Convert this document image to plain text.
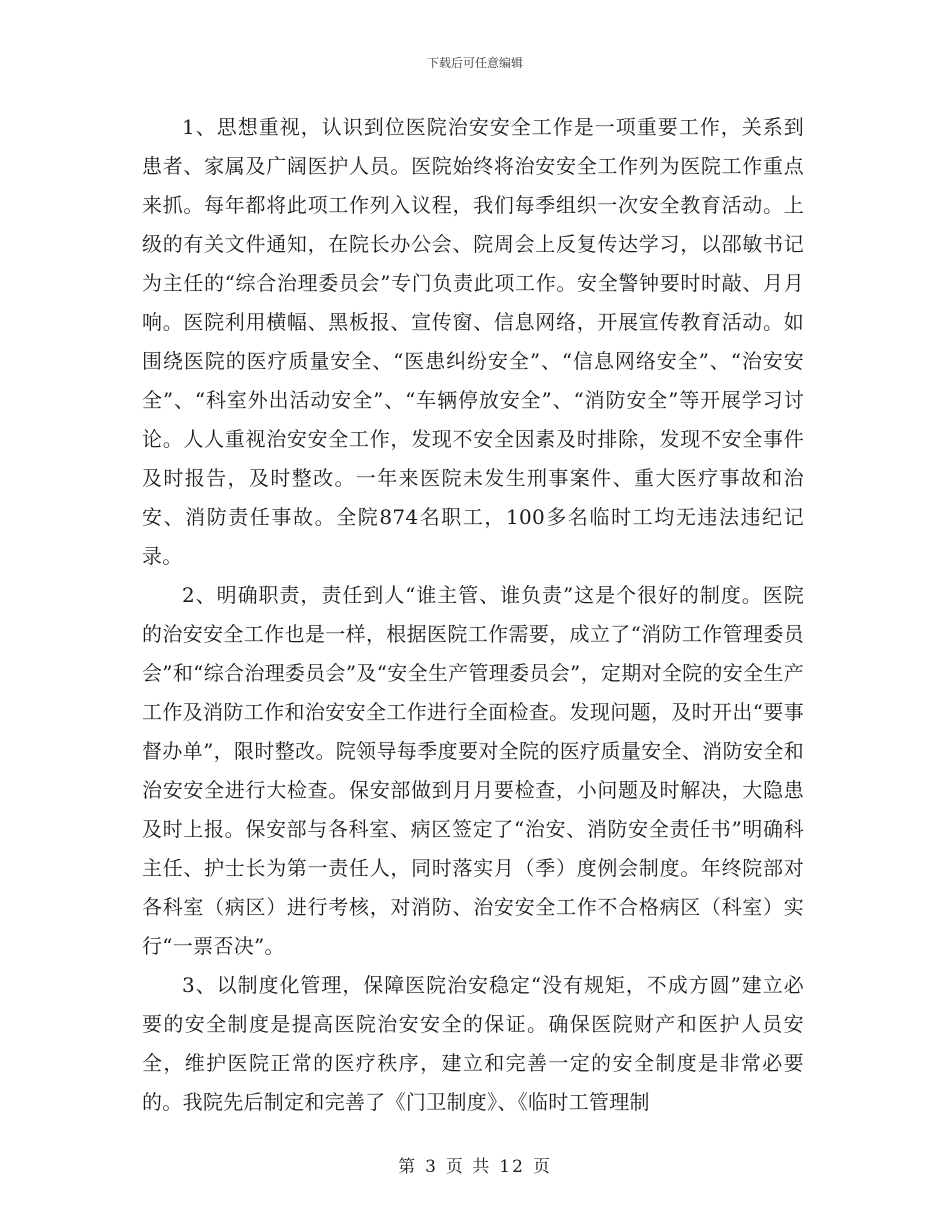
下载后可任意编辑

1、思想重视，认识到位医院治安安全工作是一项重要工作，关系到患者、家属及广阔医护人员。医院始终将治安安全工作列为医院工作重点来抓。每年都将此项工作列入议程，我们每季组织一次安全教育活动。上级的有关文件通知，在院长办公会、院周会上反复传达学习，以邵敏书记为主任的“综合治理委员会”专门负责此项工作。安全警钟要时时敲、月月响。医院利用横幅、黑板报、宣传窗、信息网络，开展宣传教育活动。如围绕医院的医疗质量安全、“医患纠纷安全”、“信息网络安全”、“治安安全”、“科室外出活动安全”、“车辆停放安全”、“消防安全”等开展学习讨论。人人重视治安安全工作，发现不安全因素及时排除，发现不安全事件及时报告，及时整改。一年来医院未发生刑事案件、重大医疗事故和治安、消防责任事故。全院874名职工，100多名临时工均无违法违纪记录。

2、明确职责，责任到人“谁主管、谁负责”这是个很好的制度。医院的治安安全工作也是一样，根据医院工作需要，成立了“消防工作管理委员会”和“综合治理委员会”及“安全生产管理委员会”，定期对全院的安全生产工作及消防工作和治安安全工作进行全面检查。发现问题，及时开出“要事督办单”，限时整改。院领导每季度要对全院的医疗质量安全、消防安全和治安安全进行大检查。保安部做到月月要检查，小问题及时解决，大隐患及时上报。保安部与各科室、病区签定了“治安、消防安全责任书”明确科主任、护士长为第一责任人，同时落实月（季）度例会制度。年终院部对各科室（病区）进行考核，对消防、治安安全工作不合格病区（科室）实行“一票否决”。

3、以制度化管理，保障医院治安稳定“没有规矩，不成方圆”建立必要的安全制度是提高医院治安安全的保证。确保医院财产和医护人员安全，维护医院正常的医疗秩序，建立和完善一定的安全制度是非常必要的。我院先后制定和完善了《门卫制度》、《临时工管理制

第 3 页 共 12 页
